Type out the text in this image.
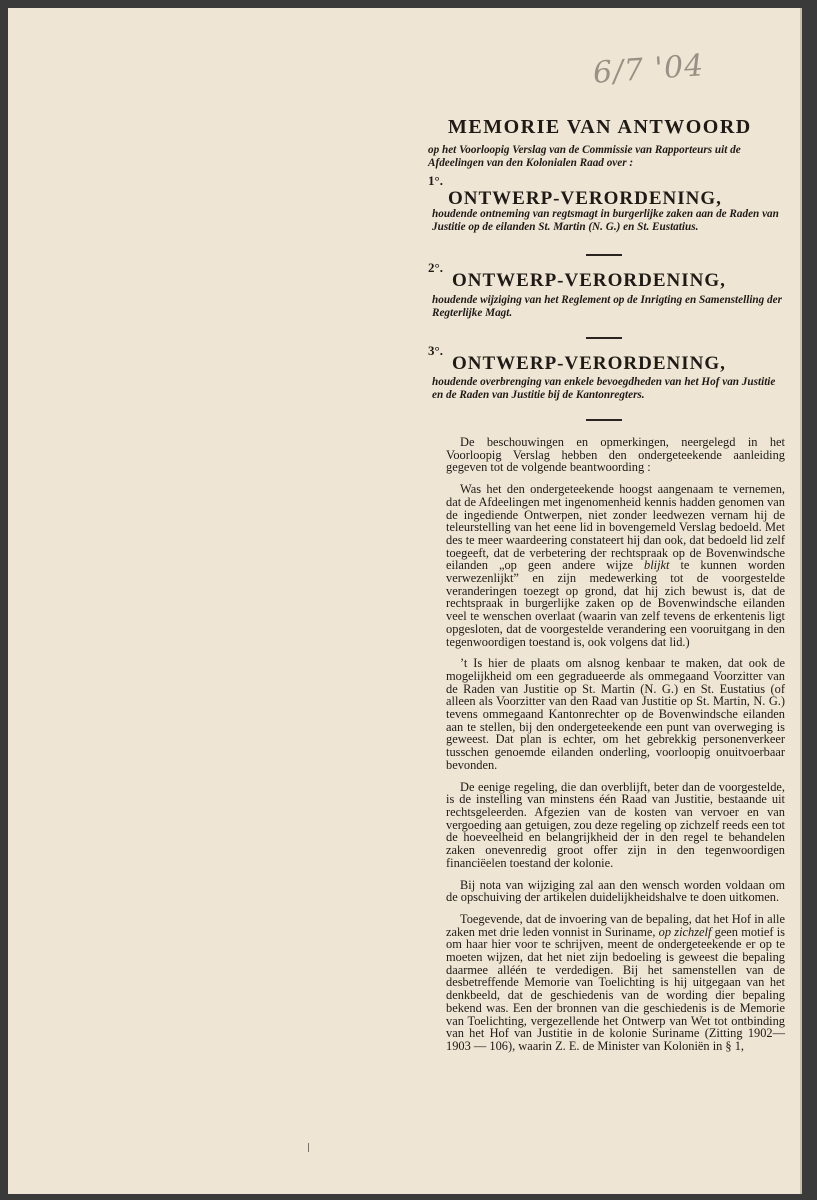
6/7 '04
MEMORIE VAN ANTWOORD
op het Voorloopig Verslag van de Commissie van Rapporteurs uit de Afdeelingen van den Kolonialen Raad over :
1°.
ONTWERP-VERORDENING,
houdende ontneming van regtsmagt in burgerlijke zaken aan de Raden van Justitie op de eilanden St. Martin (N. G.) en St. Eustatius.
2°.
ONTWERP-VERORDENING,
houdende wijziging van het Reglement op de Inrigting en Samenstelling der Regterlijke Magt.
3°.
ONTWERP-VERORDENING,
houdende overbrenging van enkele bevoegdheden van het Hof van Justitie en de Raden van Justitie bij de Kantonregters.

De beschouwingen en opmerkingen, neergelegd in het Voorloopig Verslag hebben den ondergeteekende aanleiding gegeven tot de volgende beantwoording :

Was het den ondergeteekende hoogst aangenaam te vernemen, dat de Afdeelingen met ingenomenheid kennis hadden genomen van de ingediende Ontwerpen, niet zonder leedwezen vernam hij de teleurstelling van het eene lid in bovengemeld Verslag bedoeld. Met des te meer waardeering constateert hij dan ook, dat bedoeld lid zelf toegeeft, dat de verbetering der rechtspraak op de Bovenwindsche eilanden „op geen andere wijze blijkt te kunnen worden verwezenlijkt” en zijn medewerking tot de voorgestelde veranderingen toezegt op grond, dat hij zich bewust is, dat de rechtspraak in burgerlijke zaken op de Bovenwindsche eilanden veel te wenschen overlaat (waarin van zelf tevens de erkentenis ligt opgesloten, dat de voorgestelde verandering een vooruitgang in den tegenwoordigen toestand is, ook volgens dat lid.)

’t Is hier de plaats om alsnog kenbaar te maken, dat ook de mogelijkheid om een gegradueerde als ommegaand Voorzitter van de Raden van Justitie op St. Martin (N. G.) en St. Eustatius (of alleen als Voorzitter van den Raad van Justitie op St. Martin, N. G.) tevens ommegaand Kantonrechter op de Bovenwindsche eilanden aan te stellen, bij den ondergeteekende een punt van overweging is geweest. Dat plan is echter, om het gebrekkig personenverkeer tusschen genoemde eilanden onderling, voorloopig onuitvoerbaar bevonden.

De eenige regeling, die dan overblijft, beter dan de voorgestelde, is de instelling van minstens één Raad van Justitie, bestaande uit rechtsgeleerden. Afgezien van de kosten van vervoer en van vergoeding aan getuigen, zou deze regeling op zichzelf reeds een tot de hoeveelheid en belangrijkheid der in den regel te behandelen zaken onevenredig groot offer zijn in den tegenwoordigen financiëelen toestand der kolonie.

Bij nota van wijziging zal aan den wensch worden voldaan om de opschuiving der artikelen duidelijkheidshalve te doen uitkomen.

Toegevende, dat de invoering van de bepaling, dat het Hof in alle zaken met drie leden vonnist in Suriname, op zichzelf geen motief is om haar hier voor te schrijven, meent de ondergeteekende er op te moeten wijzen, dat het niet zijn bedoeling is geweest die bepaling daarmee alléén te verdedigen. Bij het samenstellen van de desbetreffende Memorie van Toelichting is hij uitgegaan van het denkbeeld, dat de geschiedenis van de wording dier bepaling bekend was. Een der bronnen van die geschiedenis is de Memorie van Toelichting, vergezellende het Ontwerp van Wet tot ontbinding van het Hof van Justitie in de kolonie Suriname (Zitting 1902—1903 — 106), waarin Z. E. de Minister van Koloniën in § 1,
